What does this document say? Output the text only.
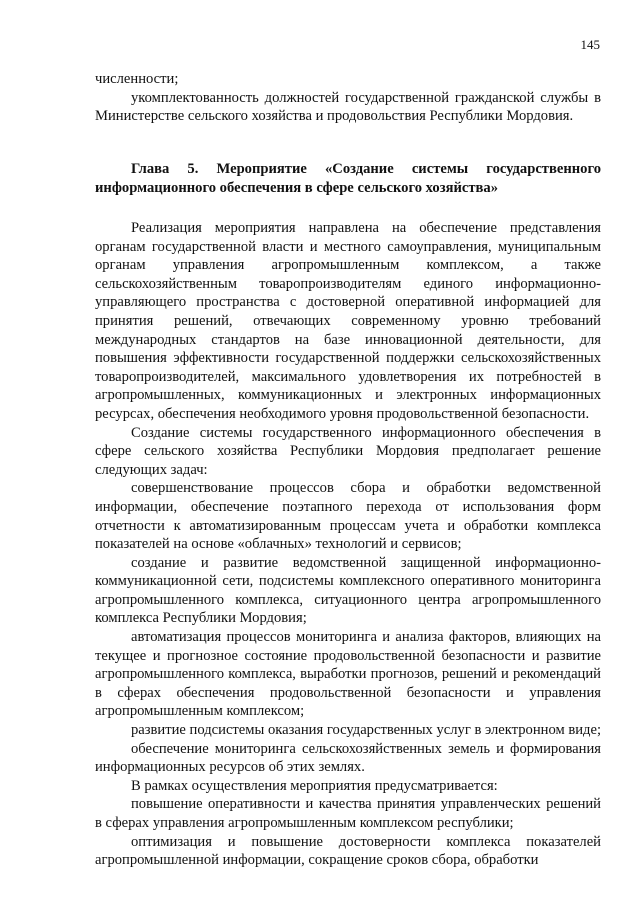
145

численности;

укомплектованность должностей государственной гражданской службы в Министерстве сельского хозяйства и продовольствия Республики Мордовия.

Глава 5. Мероприятие «Создание системы государственного информационного обеспечения в сфере сельского хозяйства»

Реализация мероприятия направлена на обеспечение представления органам государственной власти и местного самоуправления, муниципальным органам управления агропромышленным комплексом, а также сельскохозяйственным товаропроизводителям единого информационно-управляющего пространства с достоверной оперативной информацией для принятия решений, отвечающих современному уровню требований международных стандартов на базе инновационной деятельности, для повышения эффективности государственной поддержки сельскохозяйственных товаропроизводителей, максимального удовлетворения их потребностей в агропромышленных, коммуникационных и электронных информационных ресурсах, обеспечения необходимого уровня продовольственной безопасности.

Создание системы государственного информационного обеспечения в сфере сельского хозяйства Республики Мордовия предполагает решение следующих задач:

совершенствование процессов сбора и обработки ведомственной информации, обеспечение поэтапного перехода от использования форм отчетности к автоматизированным процессам учета и обработки комплекса показателей на основе «облачных» технологий и сервисов;

создание и развитие ведомственной защищенной информационно-коммуникационной сети, подсистемы комплексного оперативного мониторинга агропромышленного комплекса, ситуационного центра агропромышленного комплекса Республики Мордовия;

автоматизация процессов мониторинга и анализа факторов, влияющих на текущее и прогнозное состояние продовольственной безопасности и развитие агропромышленного комплекса, выработки прогнозов, решений и рекомендаций в сферах обеспечения продовольственной безопасности и управления агропромышленным комплексом;

развитие подсистемы оказания государственных услуг в электронном виде;

обеспечение мониторинга сельскохозяйственных земель и формирования информационных ресурсов об этих землях.

В рамках осуществления мероприятия предусматривается:

повышение оперативности и качества принятия управленческих решений в сферах управления агропромышленным комплексом республики;

оптимизация и повышение достоверности комплекса показателей агропромышленной информации, сокращение сроков сбора, обработки
